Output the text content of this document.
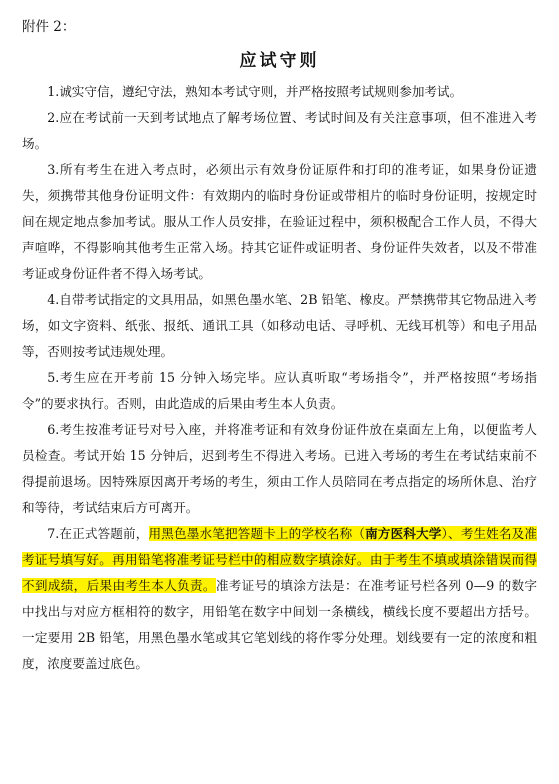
附件 2：
应试守则

1.诚实守信，遵纪守法，熟知本考试守则，并严格按照考试规则参加考试。

2.应在考试前一天到考试地点了解考场位置、考试时间及有关注意事项，但不准进入考场。

3.所有考生在进入考点时，必须出示有效身份证原件和打印的准考证，如果身份证遗失，须携带其他身份证明文件：有效期内的临时身份证或带相片的临时身份证明，按规定时间在规定地点参加考试。服从工作人员安排，在验证过程中，须积极配合工作人员，不得大声喧哗，不得影响其他考生正常入场。持其它证件或证明者、身份证件失效者，以及不带准考证或身份证件者不得入场考试。

4.自带考试指定的文具用品，如黑色墨水笔、2B 铅笔、橡皮。严禁携带其它物品进入考场，如文字资料、纸张、报纸、通讯工具（如移动电话、寻呼机、无线耳机等）和电子用品等，否则按考试违规处理。

5.考生应在开考前 15 分钟入场完毕。应认真听取“考场指令”，并严格按照“考场指令”的要求执行。否则，由此造成的后果由考生本人负责。

6.考生按准考证号对号入座，并将准考证和有效身份证件放在桌面左上角，以便监考人员检查。考试开始 15 分钟后，迟到考生不得进入考场。已进入考场的考生在考试结束前不得提前退场。因特殊原因离开考场的考生，须由工作人员陪同在考点指定的场所休息、治疗和等待，考试结束后方可离开。

7.在正式答题前，用黑色墨水笔把答题卡上的学校名称（南方医科大学）、考生姓名及准考证号填写好。再用铅笔将准考证号栏中的相应数字填涂好。由于考生不填或填涂错误而得不到成绩，后果由考生本人负责。准考证号的填涂方法是：在准考证号栏各列 0—9 的数字中找出与对应方框相符的数字，用铅笔在数字中间划一条横线，横线长度不要超出方括号。一定要用 2B 铅笔，用黑色墨水笔或其它笔划线的将作零分处理。划线要有一定的浓度和粗度，浓度要盖过底色。
